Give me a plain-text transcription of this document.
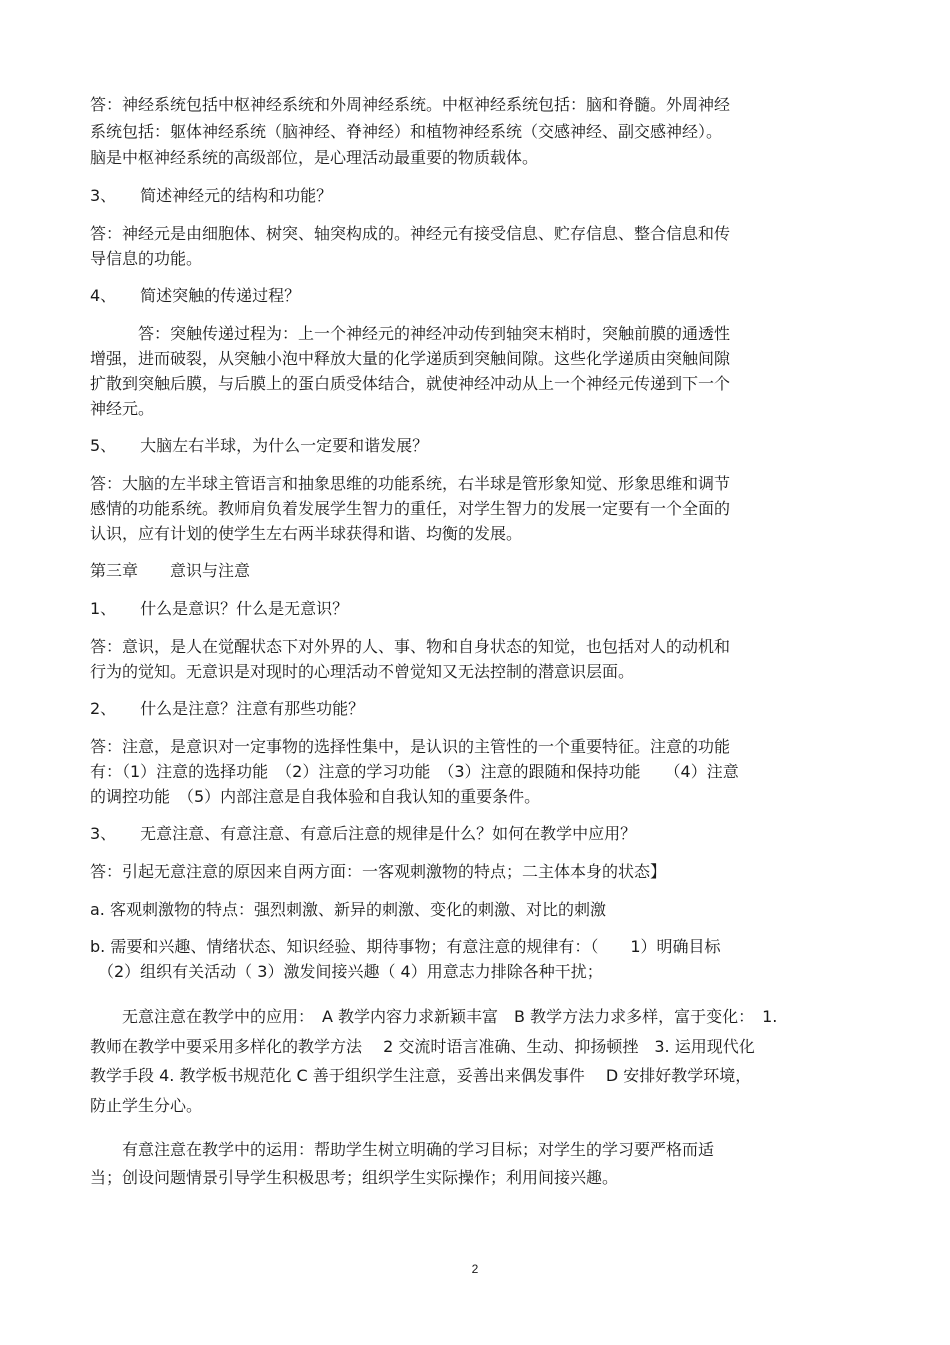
答：神经系统包括中枢神经系统和外周神经系统。中枢神经系统包括：脑和脊髓。外周神经

系统包括：躯体神经系统（脑神经、脊神经）和植物神经系统（交感神经、副交感神经）。

脑是中枢神经系统的高级部位，是心理活动最重要的物质载体。

3、　　简述神经元的结构和功能？

答：神经元是由细胞体、树突、轴突构成的。神经元有接受信息、贮存信息、整合信息和传

导信息的功能。

4、　　简述突触的传递过程？

　　　答：突触传递过程为：上一个神经元的神经冲动传到轴突末梢时，突触前膜的通透性

增强，进而破裂，从突触小泡中释放大量的化学递质到突触间隙。这些化学递质由突触间隙

扩散到突触后膜，与后膜上的蛋白质受体结合，就使神经冲动从上一个神经元传递到下一个

神经元。

5、　　大脑左右半球，为什么一定要和谐发展？

答：大脑的左半球主管语言和抽象思维的功能系统，右半球是管形象知觉、形象思维和调节

感情的功能系统。教师肩负着发展学生智力的重任，对学生智力的发展一定要有一个全面的

认识，应有计划的使学生左右两半球获得和谐、均衡的发展。

第三章　　意识与注意

1、　　什么是意识？什么是无意识？

答：意识，是人在觉醒状态下对外界的人、事、物和自身状态的知觉，也包括对人的动机和

行为的觉知。无意识是对现时的心理活动不曾觉知又无法控制的潜意识层面。

2、　　什么是注意？注意有那些功能？

答：注意，是意识对一定事物的选择性集中，是认识的主管性的一个重要特征。注意的功能

有：（1）注意的选择功能　（2）注意的学习功能　（3）注意的跟随和保持功能　　（4）注意

的调控功能　（5）内部注意是自我体验和自我认知的重要条件。

3、　　无意注意、有意注意、有意后注意的规律是什么？如何在教学中应用？

答：引起无意注意的原因来自两方面：一客观刺激物的特点；二主体本身的状态】

a. 客观刺激物的特点：强烈刺激、新异的刺激、变化的刺激、对比的刺激

b. 需要和兴趣、情绪状态、知识经验、期待事物；有意注意的规律有：（　　1）明确目标

　（2）组织有关活动（ 3）激发间接兴趣（ 4）用意志力排除各种干扰；

　　无意注意在教学中的应用：　A 教学内容力求新颖丰富　B 教学方法力求多样，富于变化：　1.

教师在教学中要采用多样化的教学方法　 2 交流时语言准确、生动、抑扬顿挫　3. 运用现代化

教学手段 4. 教学板书规范化 C 善于组织学生注意，妥善出来偶发事件　 D 安排好教学环境，

防止学生分心。

　　有意注意在教学中的运用：帮助学生树立明确的学习目标；对学生的学习要严格而适

当；创设问题情景引导学生积极思考；组织学生实际操作；利用间接兴趣。

2
